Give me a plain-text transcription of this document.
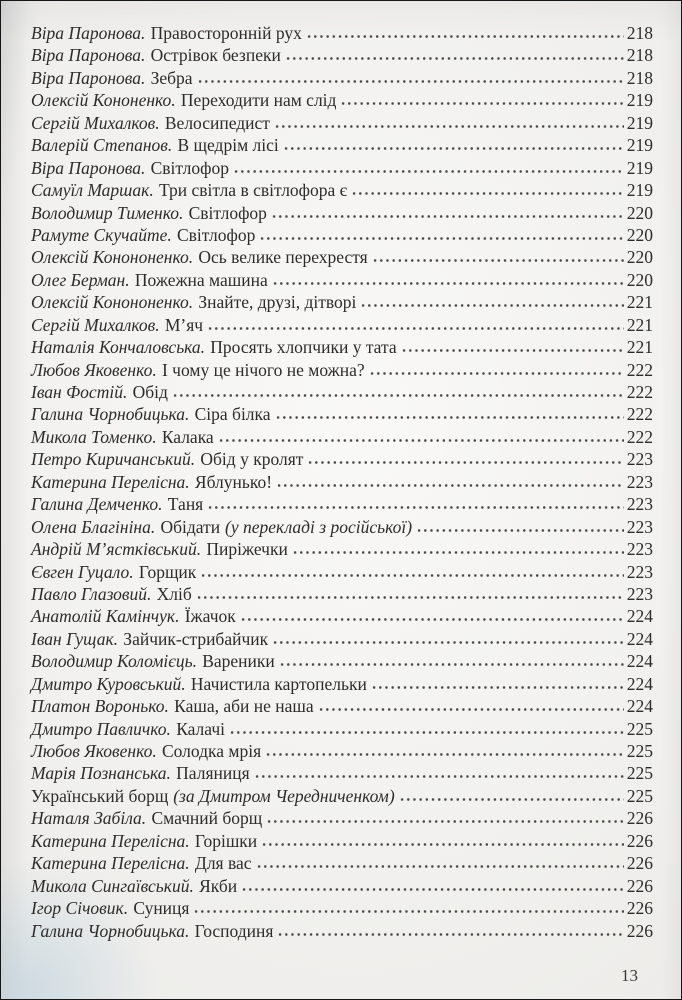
Віра Паронова. Правосторонній рух	218
Віра Паронова. Острівок безпеки	218
Віра Паронова. Зебра	218
Олексій Кононенко. Переходити нам слід	219
Сергій Михалков. Велосипедист	219
Валерій Степанов. В щедрім лісі	219
Віра Паронова. Світлофор	219
Самуїл Маршак. Три світла в світлофора є	219
Володимир Тименко. Світлофор	220
Рамуте Скучайте. Світлофор	220
Олексій Конононенко. Ось велике перехрестя	220
Олег Берман. Пожежна машина	220
Олексій Конононенко. Знайте, друзі, дітворі	221
Сергій Михалков. М’яч	221
Наталія Кончаловська. Просять хлопчики у тата	221
Любов Яковенко. І чому це нічого не можна?	222
Іван Фостій. Обід	222
Галина Чорнобицька. Сіра білка	222
Микола Томенко. Калака	222
Петро Киричанський. Обід у кролят	223
Катерина Перелісна. Яблунько!	223
Галина Демченко. Таня	223
Олена Благініна. Обідати (у перекладі з російської)	223
Андрій М’ястківський. Пиріжечки	223
Євген Гуцало. Горщик	223
Павло Глазовий. Хліб	223
Анатолій Камінчук. Їжачок	224
Іван Гущак. Зайчик-стрибайчик	224
Володимир Коломієць. Вареники	224
Дмитро Куровський. Начистила картопельки	224
Платон Воронько. Каша, аби не наша	224
Дмитро Павличко. Калачі	225
Любов Яковенко. Солодка мрія	225
Марія Познанська. Паляниця	225
Український борщ (за Дмитром Чередниченком)	225
Наталя Забіла. Смачний борщ	226
Катерина Перелісна. Горішки	226
Катерина Перелісна. Для вас	226
Микола Сингаївський. Якби	226
Ігор Січовик. Суниця	226
Галина Чорнобицька. Господиня	226
13
